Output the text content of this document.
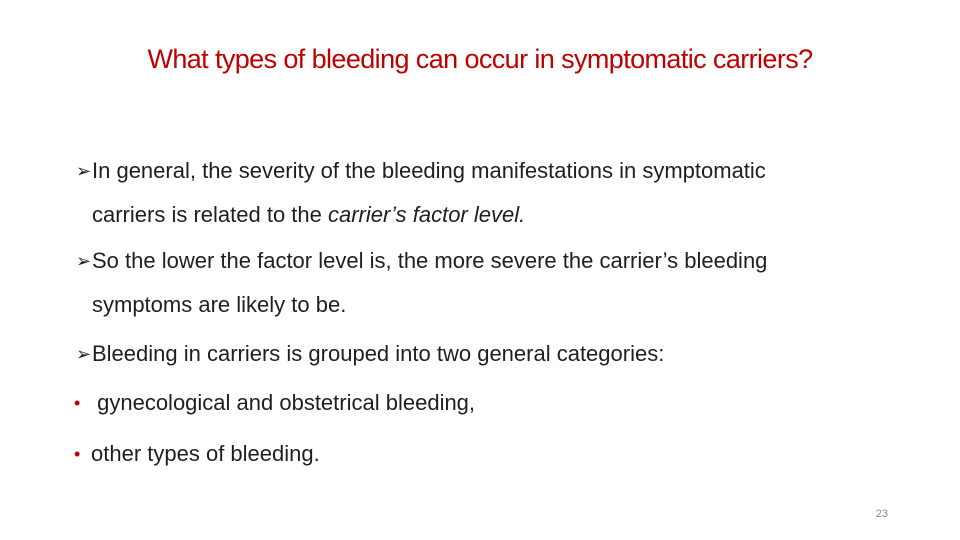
What types of bleeding can occur in symptomatic carriers?
➢In general, the severity of the bleeding manifestations in symptomatic
carriers is related to the carrier’s factor level.
➢So the lower the factor level is, the more severe the carrier’s bleeding
symptoms are likely to be.
➢Bleeding in carriers is grouped into two general categories:
• gynecological and obstetrical bleeding,
• other types of bleeding.
23
